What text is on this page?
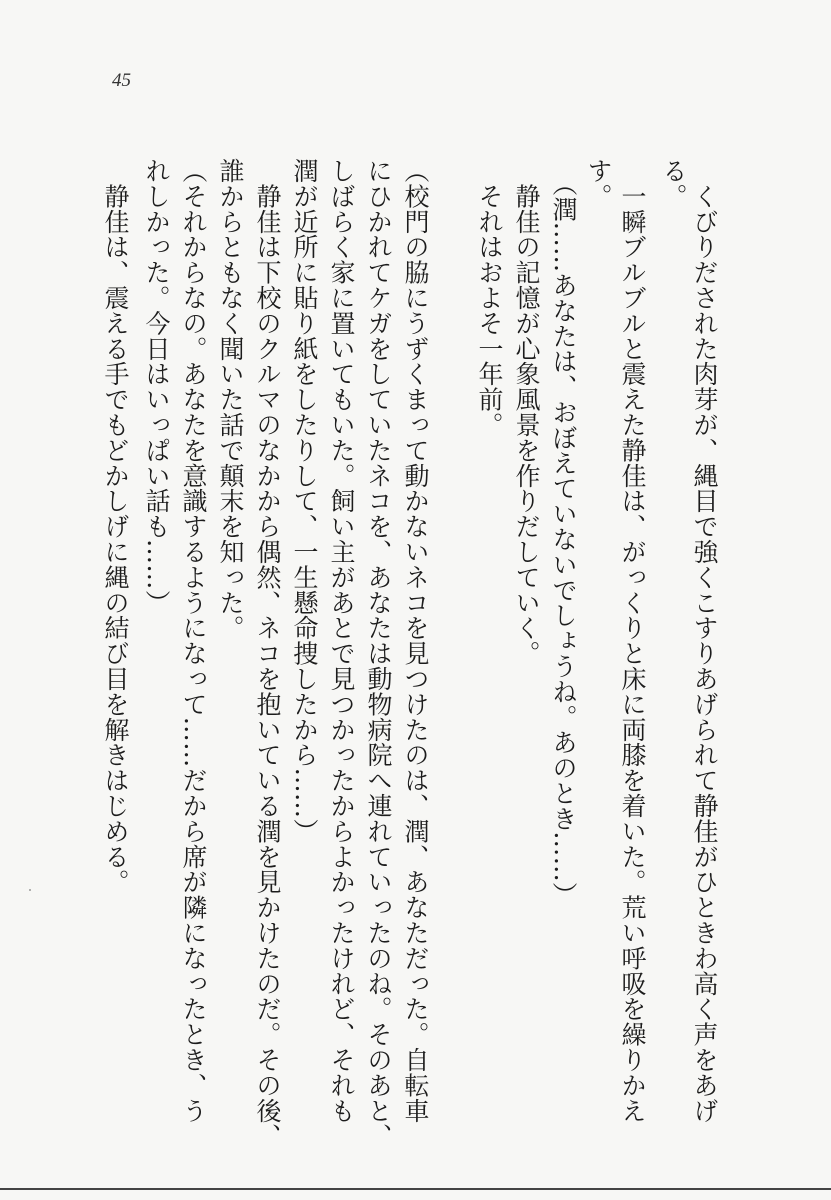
45
　くびりだされた肉芽が、縄目で強くこすりあげられて静佳がひときわ高く声をあげ
る。
　一瞬ブルブルと震えた静佳は、がっくりと床に両膝を着いた。荒い呼吸を繰りかえ
す。
　（潤……あなたは、おぼえていないでしょうね。あのとき……）
　静佳の記憶が心象風景を作りだしていく。
　それはおよそ一年前。
（校門の脇にうずくまって動かないネコを見つけたのは、潤、あなただった。自転車
にひかれてケガをしていたネコを、あなたは動物病院へ連れていったのね。そのあと、
しばらく家に置いてもいた。飼い主があとで見つかったからよかったけれど、それも
潤が近所に貼り紙をしたりして、一生懸命捜したから……）
　静佳は下校のクルマのなかから偶然、ネコを抱いている潤を見かけたのだ。その後、
誰からともなく聞いた話で顛末を知った。
（それからなの。あなたを意識するようになって……だから席が隣になったとき、う
れしかった。今日はいっぱい話も……）
　静佳は、震える手でもどかしげに縄の結び目を解きはじめる。
